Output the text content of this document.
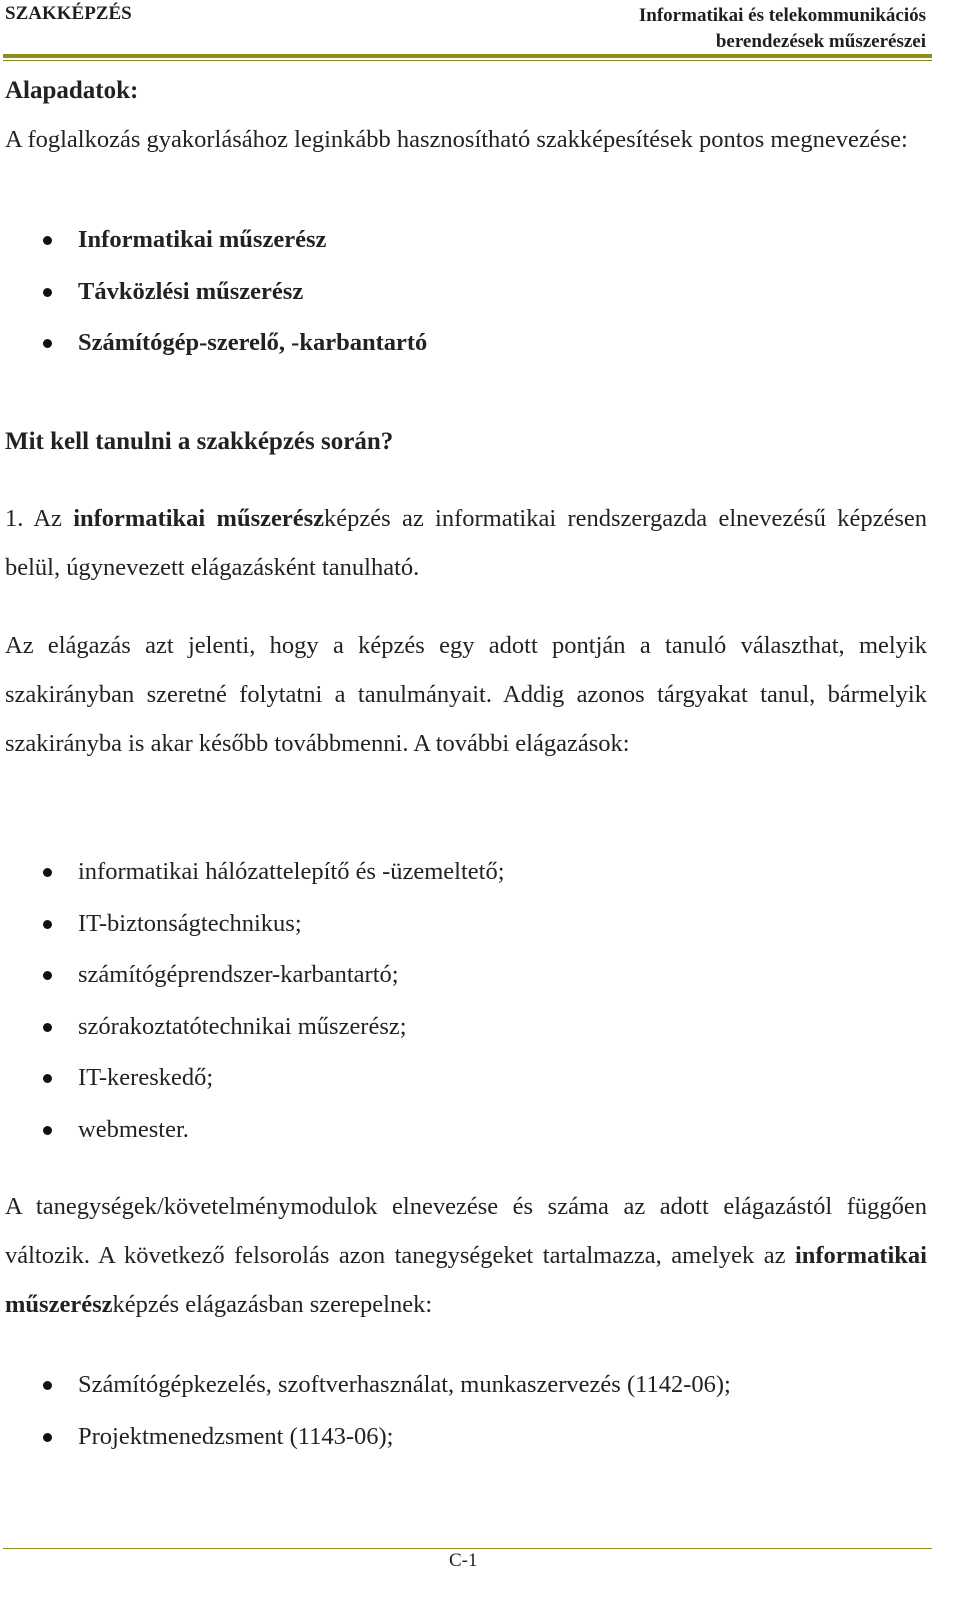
SZAKKÉPZÉS	Informatikai és telekommunikációs
berendezések műszerészei

Alapadatok:

A foglalkozás gyakorlásához leginkább hasznosítható szakképesítések pontos megnevezése:

Informatikai műszerész
Távközlési műszerész
Számítógép-szerelő, -karbantartó

Mit kell tanulni a szakképzés során?

1. Az informatikai műszerészképzés az informatikai rendszergazda elnevezésű képzésen belül, úgynevezett elágazásként tanulható.

Az elágazás azt jelenti, hogy a képzés egy adott pontján a tanuló választhat, melyik szakirányban szeretné folytatni a tanulmányait. Addig azonos tárgyakat tanul, bármelyik szakirányba is akar később továbbmenni. A további elágazások:

informatikai hálózattelepítő és -üzemeltető;
IT-biztonságtechnikus;
számítógéprendszer-karbantartó;
szórakoztatótechnikai műszerész;
IT-kereskedő;
webmester.

A tanegységek/követelménymodulok elnevezése és száma az adott elágazástól függően változik. A következő felsorolás azon tanegységeket tartalmazza, amelyek az informatikai műszerészképzés elágazásban szerepelnek:

Számítógépkezelés, szoftverhasználat, munkaszervezés (1142-06);
Projektmenedzsment (1143-06);
C-1
